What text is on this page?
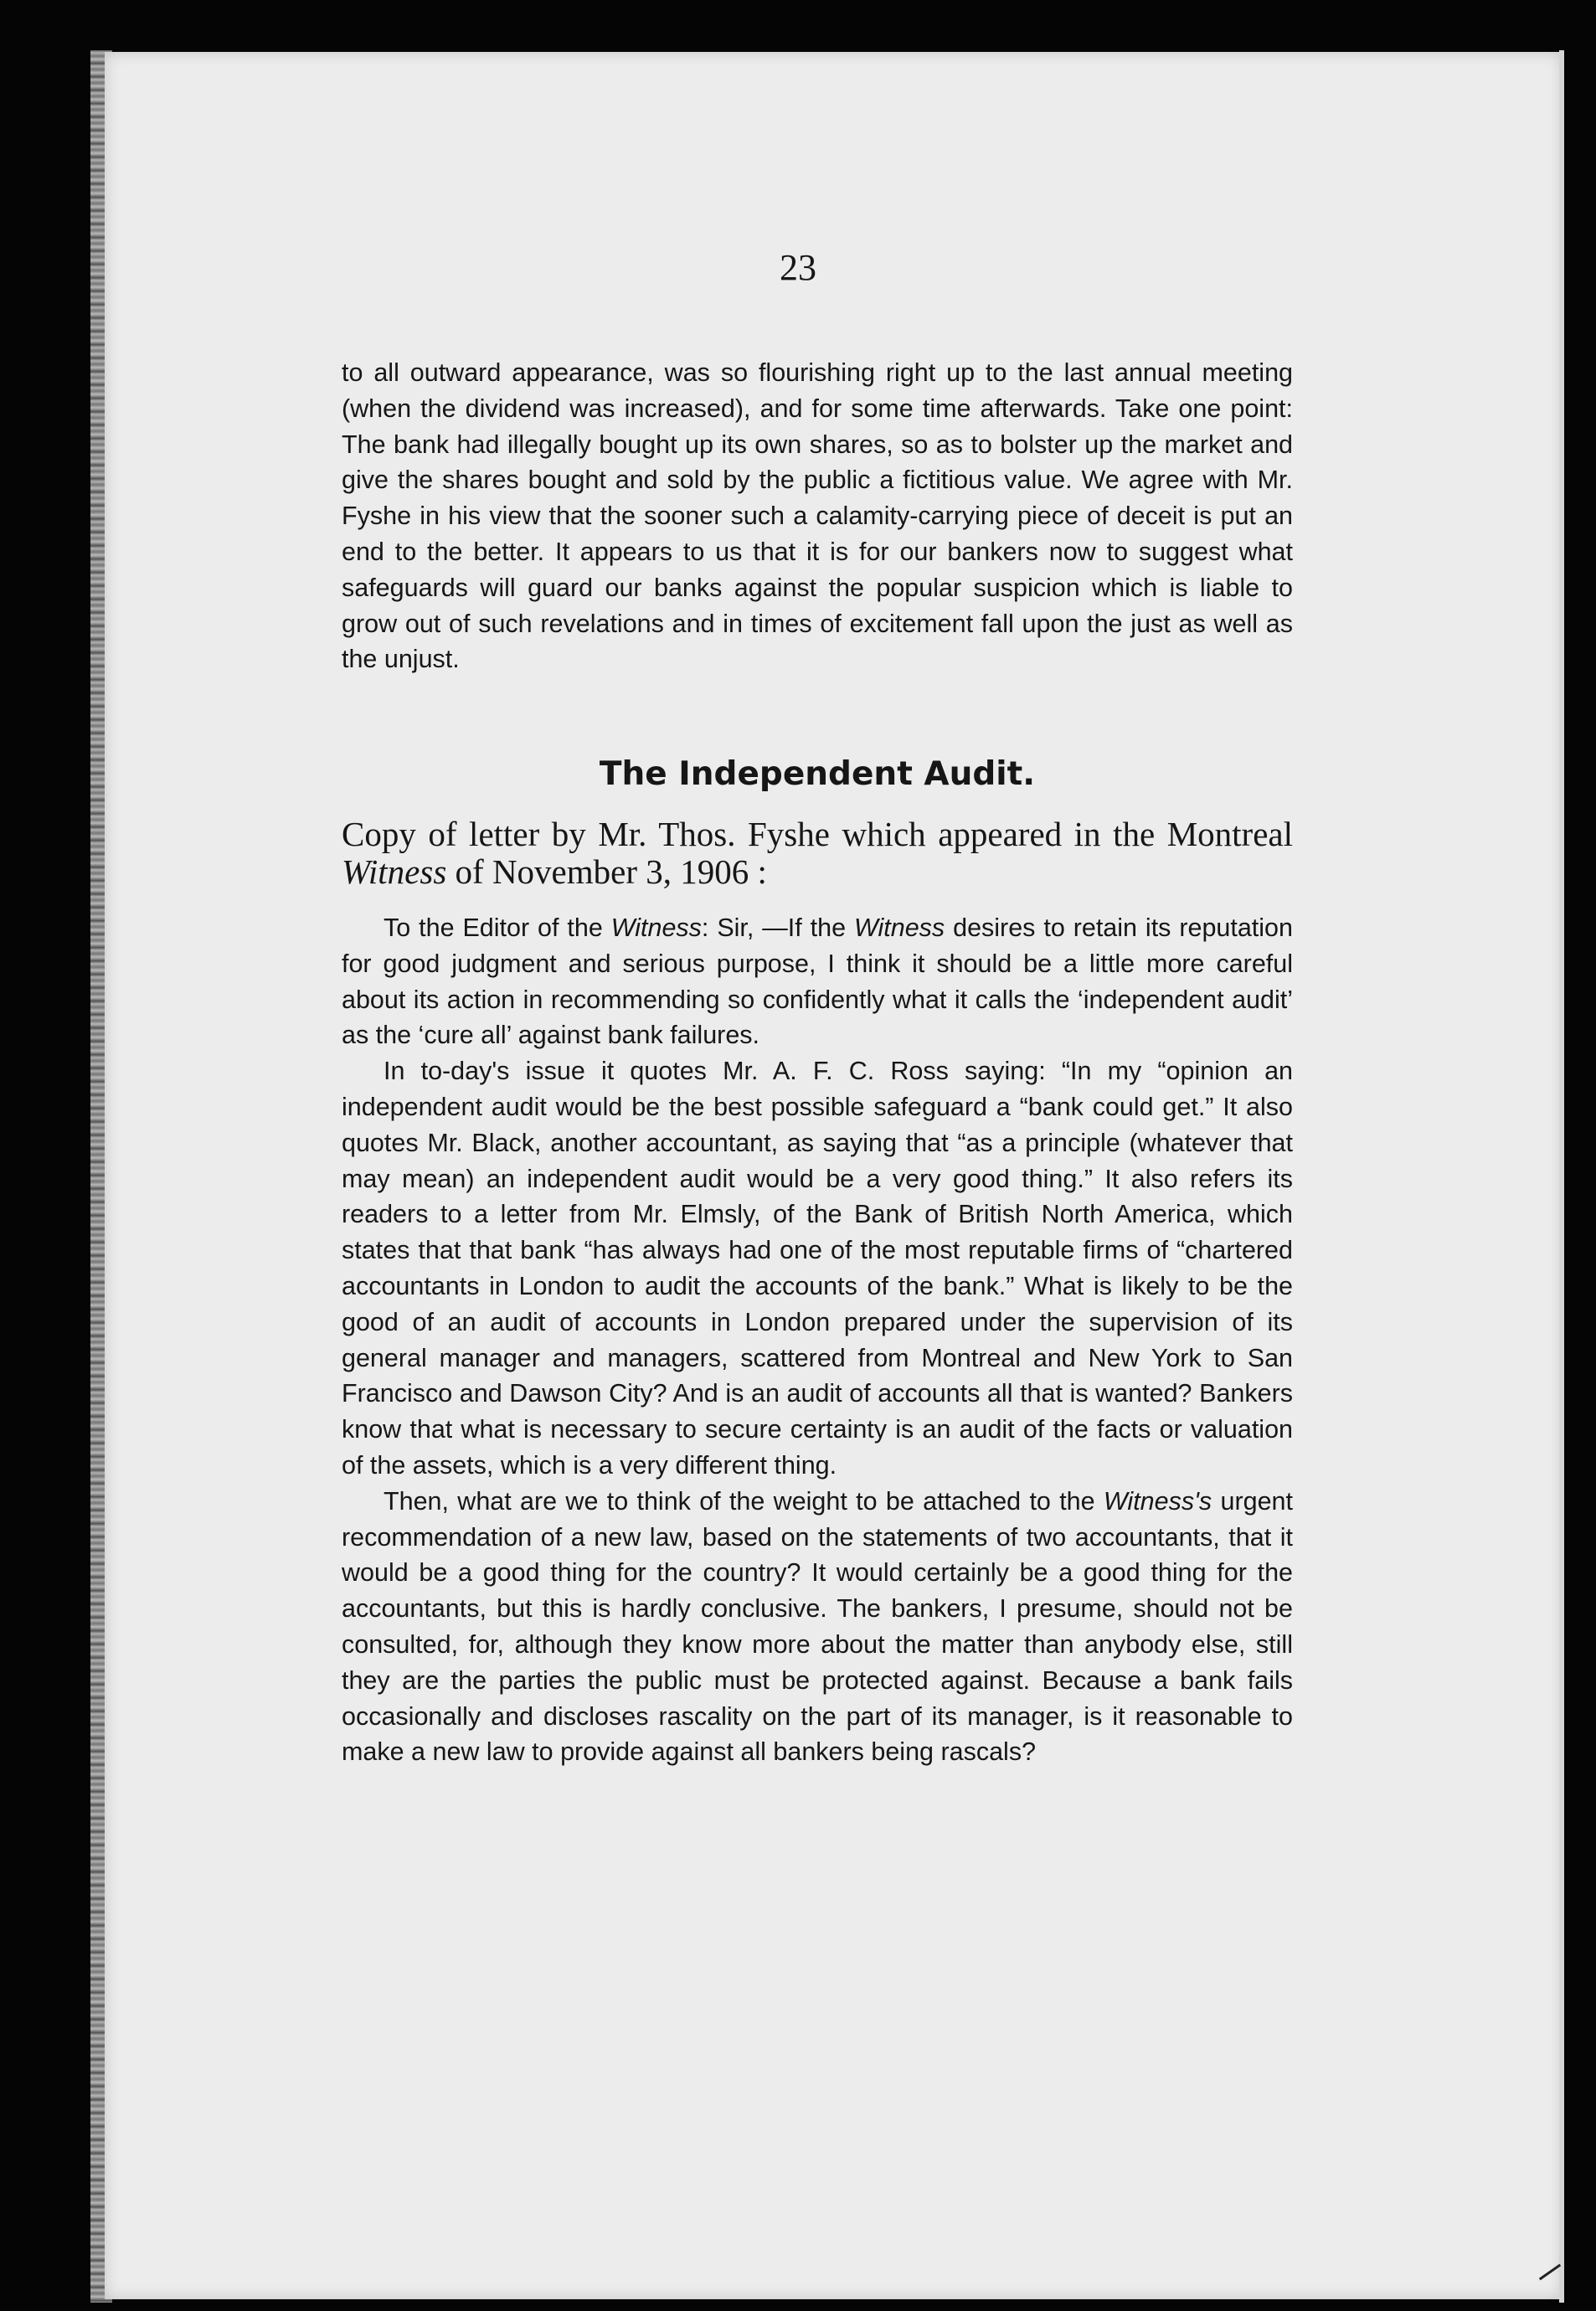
23

to all outward appearance, was so flourishing right up to the last annual meeting (when the dividend was increased), and for some time afterwards. Take one point: The bank had illegally bought up its own shares, so as to bolster up the market and give the shares bought and sold by the public a fictitious value. We agree with Mr. Fyshe in his view that the sooner such a calamity-carrying piece of deceit is put an end to the better. It appears to us that it is for our bankers now to suggest what safeguards will guard our banks against the popular suspicion which is liable to grow out of such revelations and in times of excitement fall upon the just as well as the unjust.

The Independent Audit.

Copy of letter by Mr. Thos. Fyshe which appeared in the Montreal Witness of November 3, 1906 :

To the Editor of the Witness: Sir, —If the Witness desires to retain its reputation for good judgment and serious purpose, I think it should be a little more careful about its action in recommending so confidently what it calls the ‘independent audit’ as the ‘cure all’ against bank failures.

In to-day's issue it quotes Mr. A. F. C. Ross saying: “In my “opinion an independent audit would be the best possible safeguard a “bank could get.” It also quotes Mr. Black, another accountant, as saying that “as a principle (whatever that may mean) an independent audit would be a very good thing.” It also refers its readers to a letter from Mr. Elmsly, of the Bank of British North America, which states that that bank “has always had one of the most reputable firms of “chartered accountants in London to audit the accounts of the bank.” What is likely to be the good of an audit of accounts in London prepared under the supervision of its general manager and managers, scattered from Montreal and New York to San Francisco and Dawson City? And is an audit of accounts all that is wanted? Bankers know that what is necessary to secure certainty is an audit of the facts or valuation of the assets, which is a very different thing.

Then, what are we to think of the weight to be attached to the Witness's urgent recommendation of a new law, based on the statements of two accountants, that it would be a good thing for the country? It would certainly be a good thing for the accountants, but this is hardly conclusive. The bankers, I presume, should not be consulted, for, although they know more about the matter than anybody else, still they are the parties the public must be protected against. Because a bank fails occasionally and discloses rascality on the part of its manager, is it reasonable to make a new law to provide against all bankers being rascals?
